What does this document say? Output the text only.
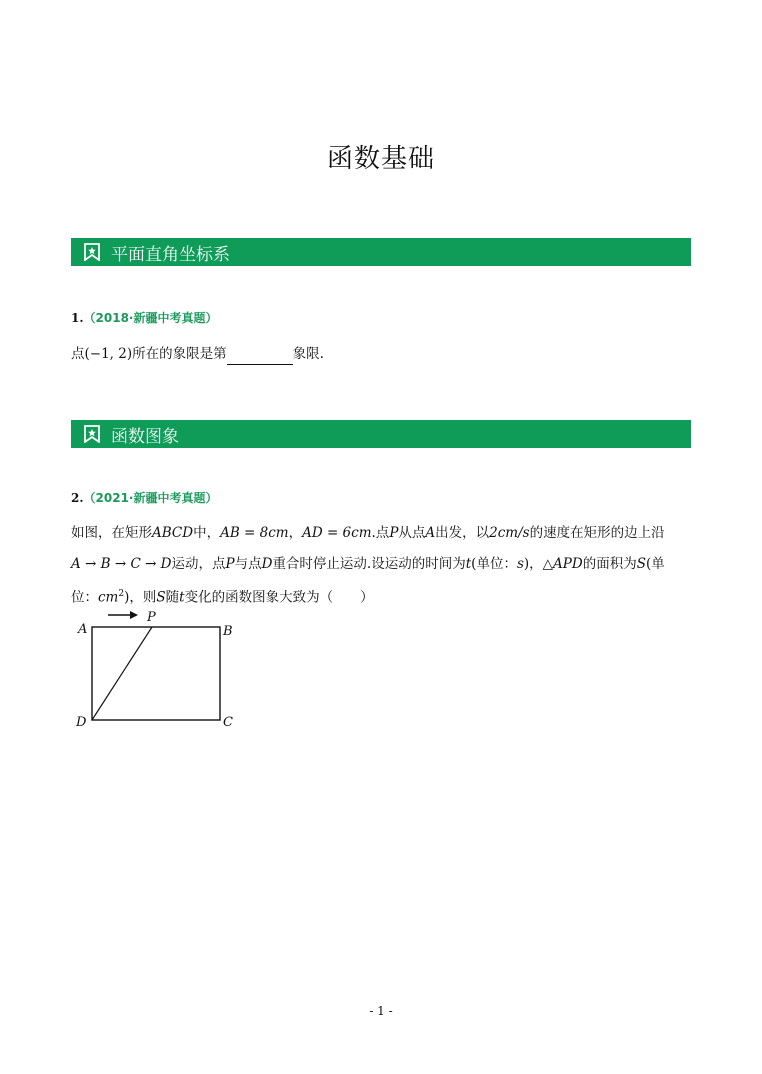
函数基础
平面直角坐标系
1.（2018·新疆中考真题）
点(−1, 2)所在的象限是第	象限.
函数图象
2.（2021·新疆中考真题）
如图，在矩形ABCD中，AB = 8cm，AD = 6cm.点P从点A出发，以2cm/s的速度在矩形的边上沿
A → B → C → D运动，点P与点D重合时停止运动.设运动的时间为t(单位：s)，△APD的面积为S(单
位：$cm^2$)，则S随t变化的函数图象大致为（　　）
A
P
B
D	C
- 1 -
